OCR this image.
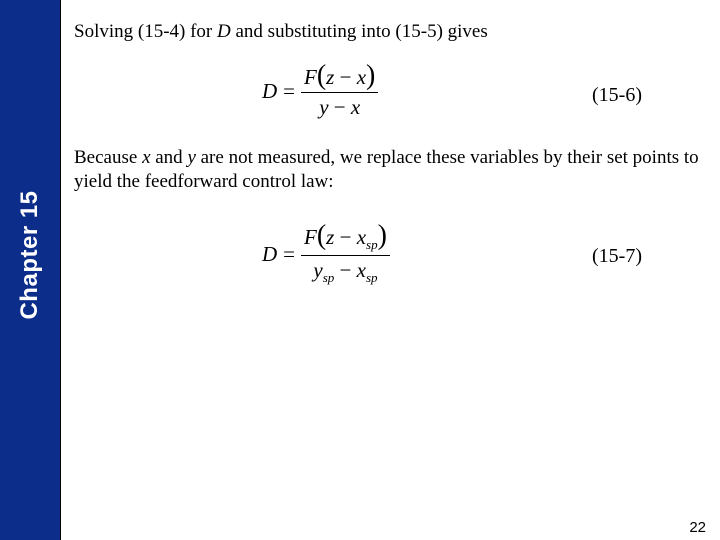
Chapter 15
Solving (15-4) for D and substituting into (15-5) gives
$D = \frac{F(z - x)}{y - x}$	(15-6)
Because x and y are not measured, we replace these variables by their set points to yield the feedforward control law:
$D = \frac{F(z - x_{sp})}{y_{sp} - x_{sp}}$	(15-7)
22
